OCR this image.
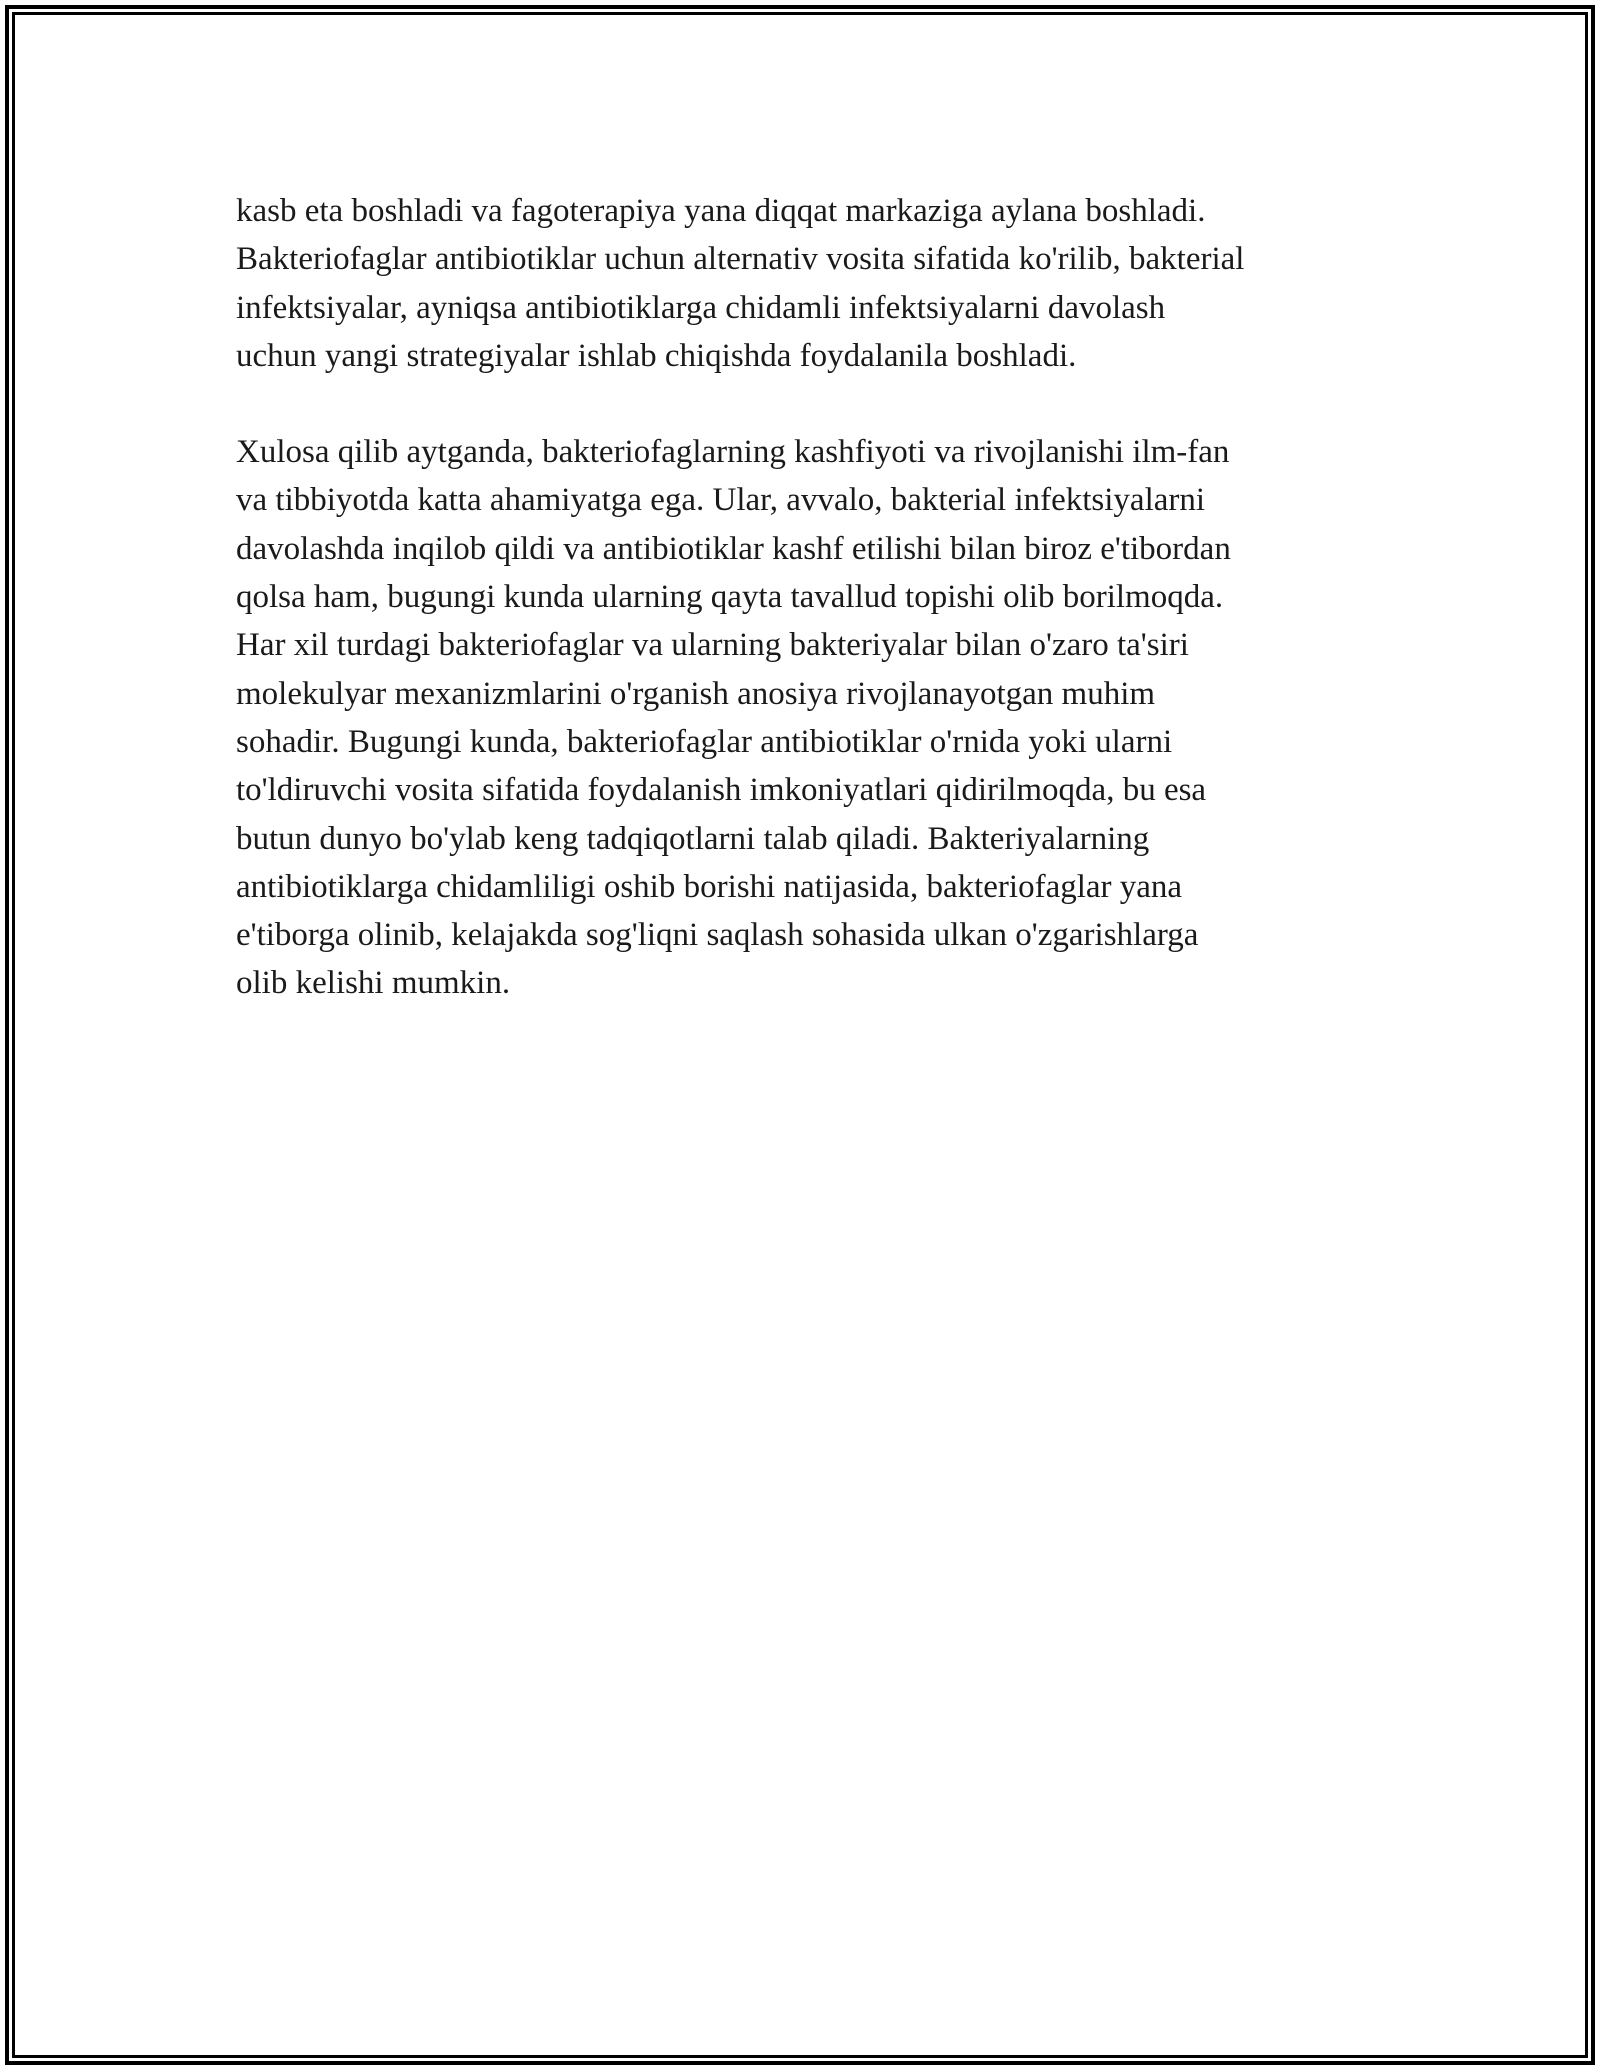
kasb eta boshladi va fagoterapiya yana diqqat markaziga aylana boshladi.
Bakteriofaglar antibiotiklar uchun alternativ vosita sifatida ko'rilib, bakterial
infektsiyalar, ayniqsa antibiotiklarga chidamli infektsiyalarni davolash
uchun yangi strategiyalar ishlab chiqishda foydalanila boshladi.
Xulosa qilib aytganda, bakteriofaglarning kashfiyoti va rivojlanishi ilm-fan
va tibbiyotda katta ahamiyatga ega. Ular, avvalo, bakterial infektsiyalarni
davolashda inqilob qildi va antibiotiklar kashf etilishi bilan biroz e'tibordan
qolsa ham, bugungi kunda ularning qayta tavallud topishi olib borilmoqda.
Har xil turdagi bakteriofaglar va ularning bakteriyalar bilan o'zaro ta'siri
molekulyar mexanizmlarini o'rganish anosiya rivojlanayotgan muhim
sohadir. Bugungi kunda, bakteriofaglar antibiotiklar o'rnida yoki ularni
to'ldiruvchi vosita sifatida foydalanish imkoniyatlari qidirilmoqda, bu esa
butun dunyo bo'ylab keng tadqiqotlarni talab qiladi. Bakteriyalarning
antibiotiklarga chidamliligi oshib borishi natijasida, bakteriofaglar yana
e'tiborga olinib, kelajakda sog'liqni saqlash sohasida ulkan o'zgarishlarga
olib kelishi mumkin.
